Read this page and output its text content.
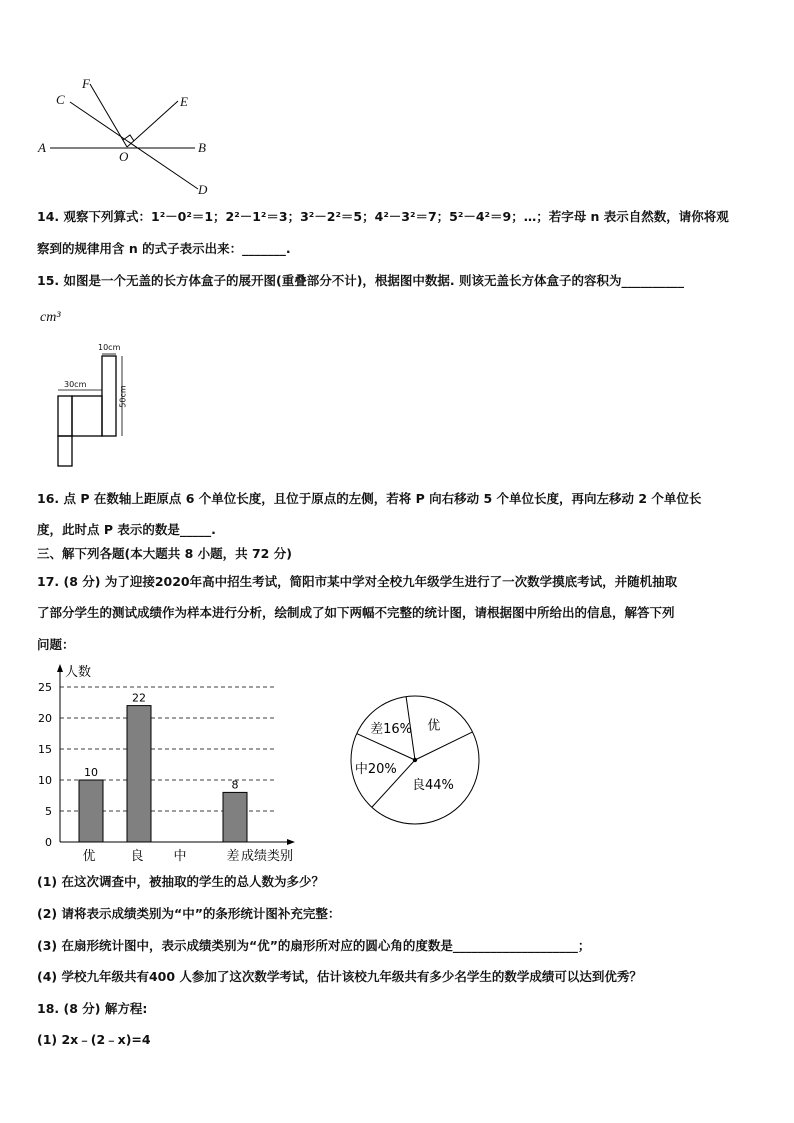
A	B
C
D
E
F
O
14. 观察下列算式：1²－0²＝1；2²－1²＝3；3²－2²＝5；4²－3²＝7；5²－4²＝9；…；若字母 n 表示自然数，请你将观
察到的规律用含 n 的式子表示出来：_______.
15. 如图是一个无盖的长方体盒子的展开图(重叠部分不计)，根据图中数据. 则该无盖长方体盒子的容积为__________
cm³
10cm
30cm
50cm
16. 点 P 在数轴上距原点 6 个单位长度，且位于原点的左侧，若将 P 向右移动 5 个单位长度，再向左移动 2 个单位长
度，此时点 P 表示的数是_____.
三、解下列各题(本大题共 8 小题，共 72 分)
17. (8 分) 为了迎接2020年高中招生考试，简阳市某中学对全校九年级学生进行了一次数学摸底考试，并随机抽取
了部分学生的测试成绩作为样本进行分析，绘制成了如下两幅不完整的统计图，请根据图中所给出的信息，解答下列
问题：
0
5
10
15
20
25
人数
10
优
22
良 中
8
差 成绩类别
优
良44%
中20%
差16%
(1) 在这次调查中，被抽取的学生的总人数为多少？
(2) 请将表示成绩类别为“中”的条形统计图补充完整：
(3) 在扇形统计图中，表示成绩类别为“优”的扇形所对应的圆心角的度数是____________________；
(4) 学校九年级共有400 人参加了这次数学考试，估计该校九年级共有多少名学生的数学成绩可以达到优秀？
18. (8 分) 解方程:
(1) 2x﹣(2﹣x)=4
